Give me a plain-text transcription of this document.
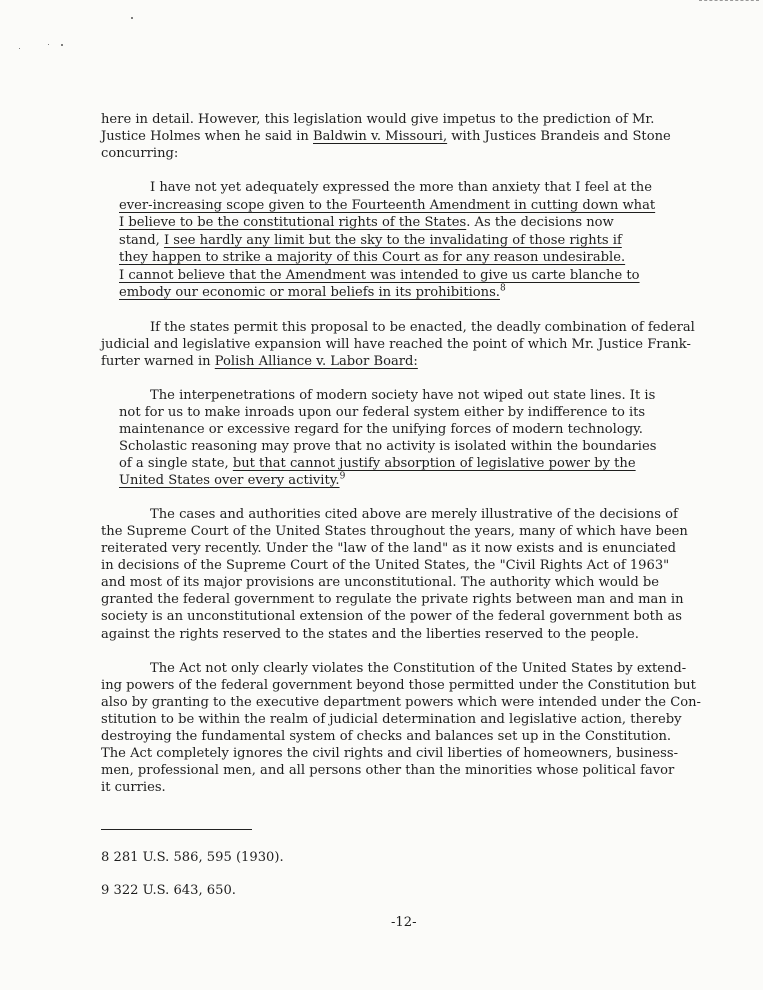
here in detail. However, this legislation would give impetus to the prediction of Mr.
Justice Holmes when he said in Baldwin v. Missouri, with Justices Brandeis and Stone
concurring:
I have not yet adequately expressed the more than anxiety that I feel at the
ever-increasing scope given to the Fourteenth Amendment in cutting down what
I believe to be the constitutional rights of the States. As the decisions now
stand, I see hardly any limit but the sky to the invalidating of those rights if
they happen to strike a majority of this Court as for any reason undesirable.
I cannot believe that the Amendment was intended to give us carte blanche to
embody our economic or moral beliefs in its prohibitions.$^8$
If the states permit this proposal to be enacted, the deadly combination of federal
judicial and legislative expansion will have reached the point of which Mr. Justice Frank-
furter warned in Polish Alliance v. Labor Board:
The interpenetrations of modern society have not wiped out state lines. It is
not for us to make inroads upon our federal system either by indifference to its
maintenance or excessive regard for the unifying forces of modern technology.
Scholastic reasoning may prove that no activity is isolated within the boundaries
of a single state, but that cannot justify absorption of legislative power by the
United States over every activity.$^9$
The cases and authorities cited above are merely illustrative of the decisions of
the Supreme Court of the United States throughout the years, many of which have been
reiterated very recently. Under the "law of the land" as it now exists and is enunciated
in decisions of the Supreme Court of the United States, the "Civil Rights Act of 1963"
and most of its major provisions are unconstitutional. The authority which would be
granted the federal government to regulate the private rights between man and man in
society is an unconstitutional extension of the power of the federal government both as
against the rights reserved to the states and the liberties reserved to the people.
The Act not only clearly violates the Constitution of the United States by extend-
ing powers of the federal government beyond those permitted under the Constitution but
also by granting to the executive department powers which were intended under the Con-
stitution to be within the realm of judicial determination and legislative action, thereby
destroying the fundamental system of checks and balances set up in the Constitution.
The Act completely ignores the civil rights and civil liberties of homeowners, business-
men, professional men, and all persons other than the minorities whose political favor
it curries.
8 281 U.S. 586, 595 (1930).
9 322 U.S. 643, 650.
-12-
